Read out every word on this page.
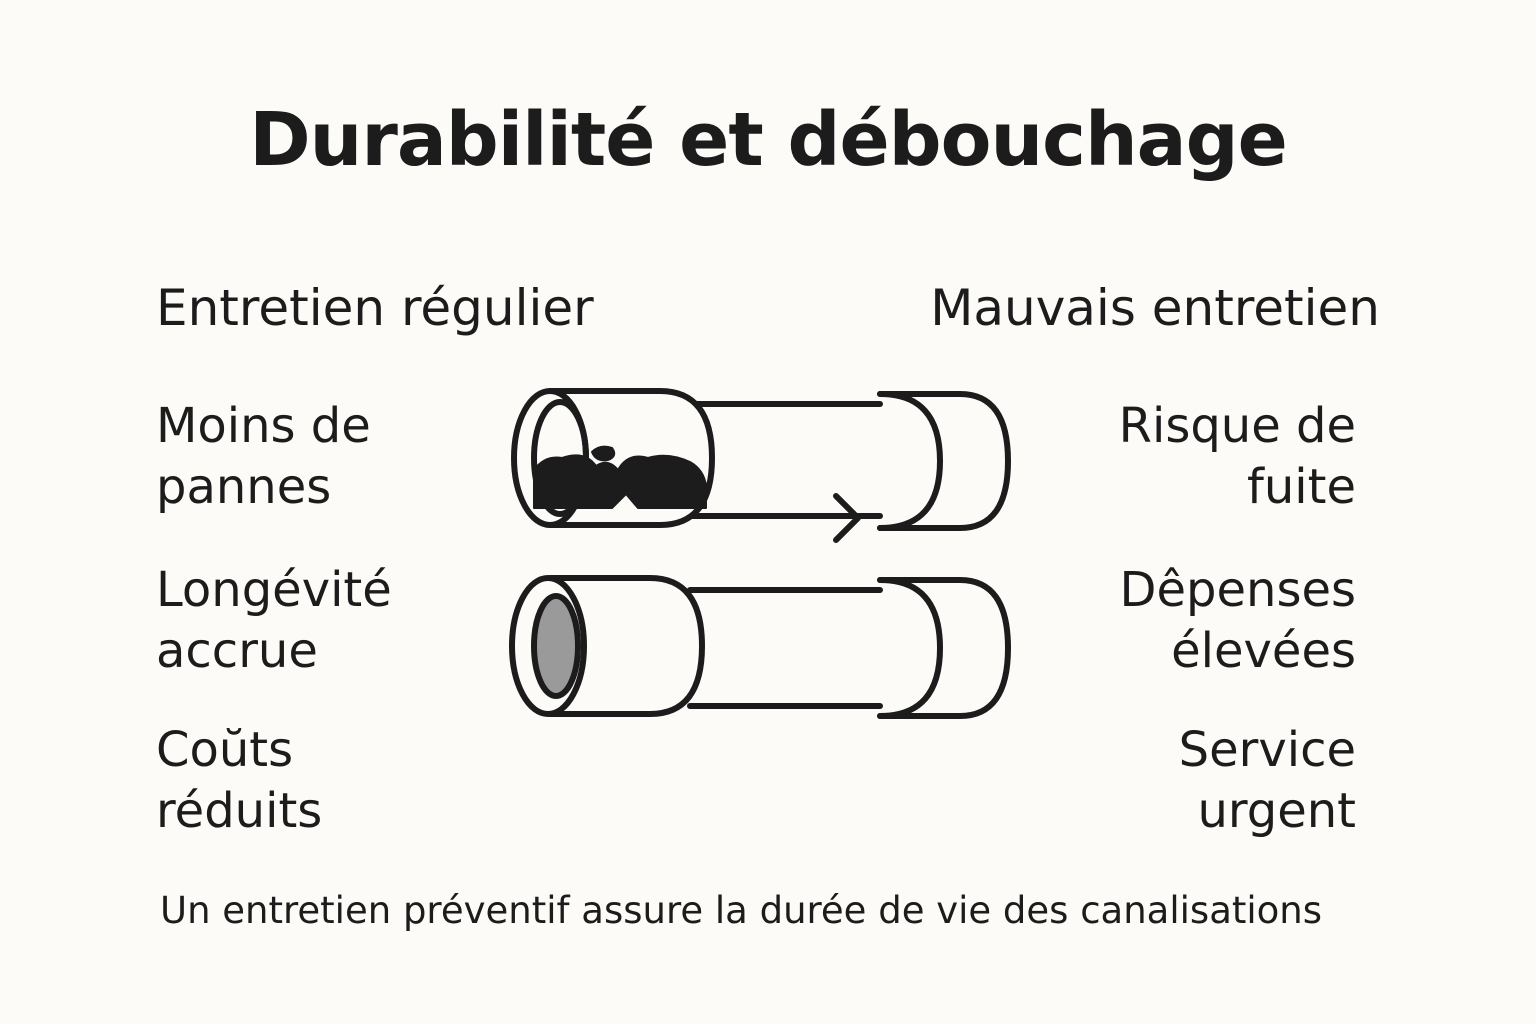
Durabilité et débouchage
Entretien régulier	Mauvais entretien
Moins de
pannes
Longévité
accrue
Coŭts
réduits
Risque de
fuite
Dêpenses
élevées
Service
urgent
Un entretien préventif assure la durée de vie des canalisations
